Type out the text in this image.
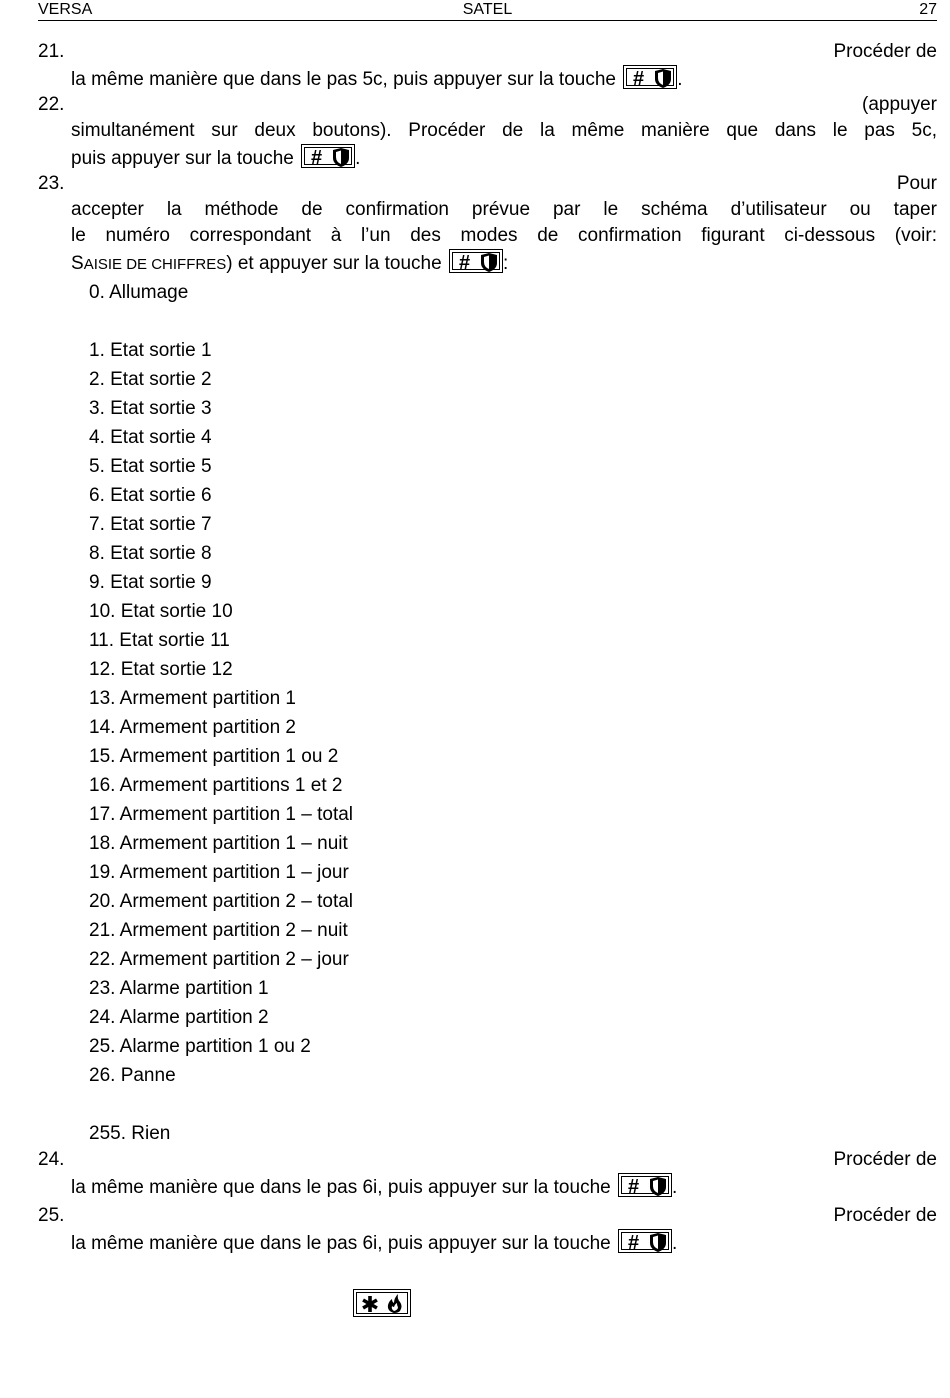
VERSA	SATEL	27
21.	Procéder de
la même manière que dans le pas 5c, puis appuyer sur la touche # .
22.	(appuyer
simultanément sur deux boutons). Procéder de la même manière que dans le pas 5c,
puis appuyer sur la touche # .
23.	Pour
accepter la méthode de confirmation prévue par le schéma d’utilisateur ou taper
le numéro correspondant à l’un des modes de confirmation figurant ci-dessous (voir:
SAISIE DE CHIFFRES) et appuyer sur la touche # :
0. Allumage
1. Etat sortie 1
2. Etat sortie 2
3. Etat sortie 3
4. Etat sortie 4
5. Etat sortie 5
6. Etat sortie 6
7. Etat sortie 7
8. Etat sortie 8
9. Etat sortie 9
10. Etat sortie 10
11. Etat sortie 11
12. Etat sortie 12
13. Armement partition 1
14. Armement partition 2
15. Armement partition 1 ou 2
16. Armement partitions 1 et 2
17. Armement partition 1 – total
18. Armement partition 1 – nuit
19. Armement partition 1 – jour
20. Armement partition 2 – total
21. Armement partition 2 – nuit
22. Armement partition 2 – jour
23. Alarme partition 1
24. Alarme partition 2
25. Alarme partition 1 ou 2
26. Panne
255. Rien
24.	Procéder de
la même manière que dans le pas 6i, puis appuyer sur la touche # .
25.	Procéder de
la même manière que dans le pas 6i, puis appuyer sur la touche # .
